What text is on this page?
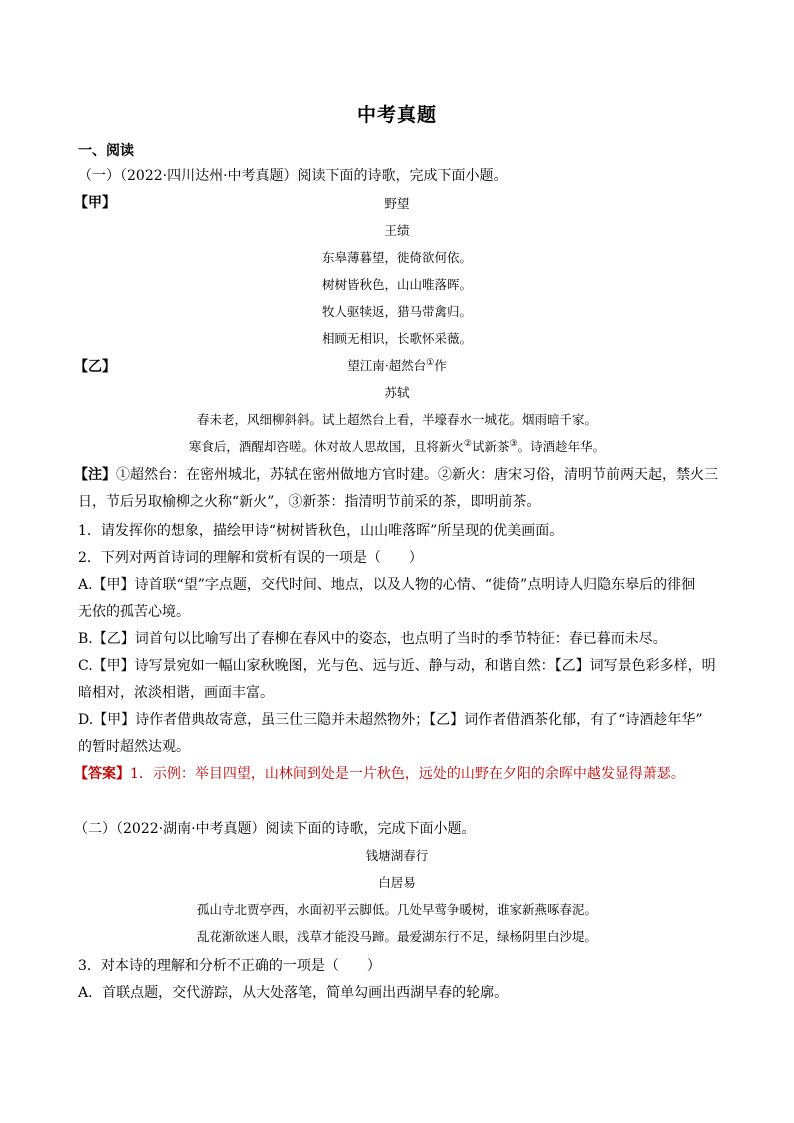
中考真题
一、阅读
（一）（2022·四川达州·中考真题）阅读下面的诗歌，完成下面小题。
【甲】	野望
王绩
东皋薄暮望，徙倚欲何依。
树树皆秋色，山山唯落晖。
牧人驱犊返，猎马带禽归。
相顾无相识，长歌怀采薇。
【乙】	望江南·超然台①作
苏轼
春未老，风细柳斜斜。试上超然台上看，半壕春水一城花。烟雨暗千家。
寒食后，酒醒却咨嗟。休对故人思故国，且将新火②试新茶③。诗酒趁年华。
【注】①超然台：在密州城北，苏轼在密州做地方官时建。②新火：唐宋习俗，清明节前两天起，禁火三
日，节后另取榆柳之火称“新火”，③新茶：指清明节前采的茶，即明前茶。
1．请发挥你的想象，描绘甲诗“树树皆秋色，山山唯落晖”所呈现的优美画面。
2．下列对两首诗词的理解和赏析有误的一项是（　　）
A.【甲】诗首联“望”字点题，交代时间、地点，以及人物的心情、“徙倚”点明诗人归隐东皋后的徘徊
无依的孤苦心境。
B.【乙】词首句以比喻写出了春柳在春风中的姿态，也点明了当时的季节特征：春已暮而未尽。
C.【甲】诗写景宛如一幅山家秋晚图，光与色、远与近、静与动，和谐自然：【乙】词写景色彩多样，明
暗相对，浓淡相谐，画面丰富。
D.【甲】诗作者借典故寄意，虽三仕三隐并未超然物外；【乙】词作者借酒茶化郁，有了“诗酒趁年华”
的暂时超然达观。
【答案】1．示例：举目四望，山林间到处是一片秋色，远处的山野在夕阳的余晖中越发显得萧瑟。
（二）（2022·湖南·中考真题）阅读下面的诗歌，完成下面小题。
钱塘湖春行
白居易
孤山寺北贾亭西，水面初平云脚低。几处早莺争暖树，谁家新燕啄春泥。
乱花渐欲迷人眼，浅草才能没马蹄。最爱湖东行不足，绿杨阴里白沙堤。
3．对本诗的理解和分析不正确的一项是（　　）
A．首联点题，交代游踪，从大处落笔，简单勾画出西湖早春的轮廓。
